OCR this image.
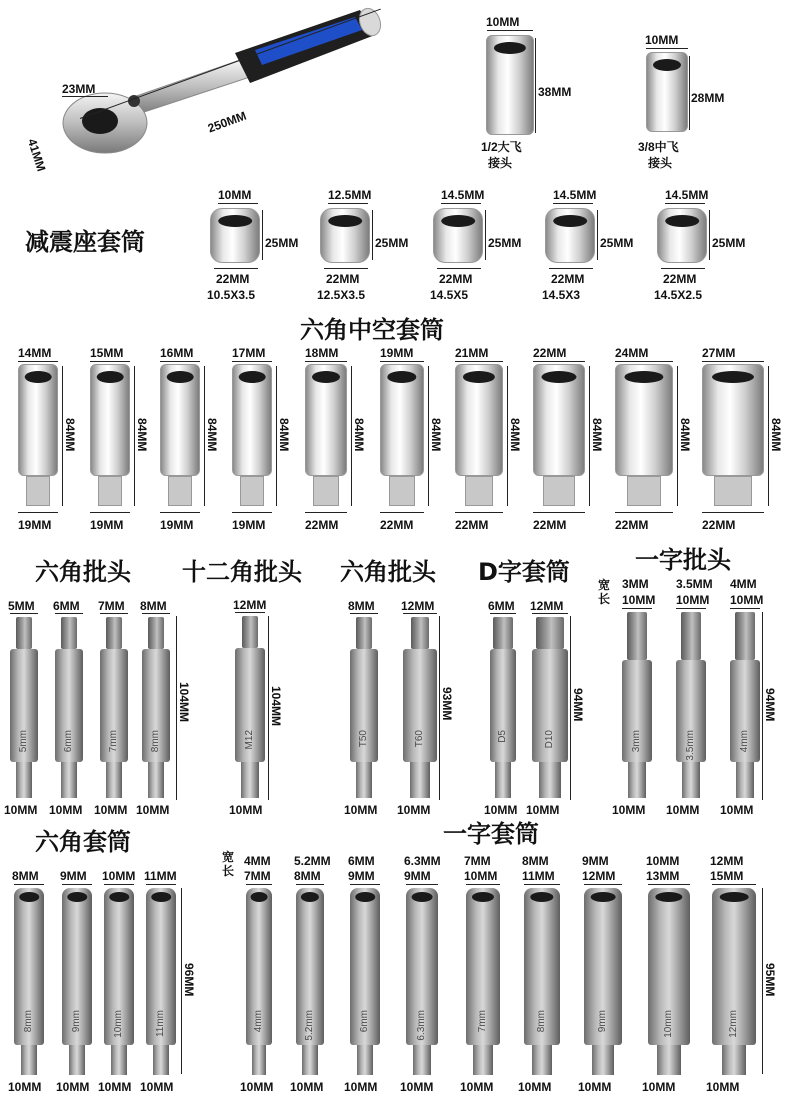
23MM
250MM
41MM
10MM
38MM
1/2大飞
接头
10MM
28MM
3/8中飞
接头
减震座套筒
10MM
25MM
22MM
10.5X3.5
12.5MM
25MM
22MM
12.5X3.5
14.5MM
25MM
22MM
14.5X5
14.5MM
25MM
22MM
14.5X3
14.5MM
25MM
22MM
14.5X2.5
六角中空套筒
14MM
84MM
19MM
15MM
84MM
19MM
16MM
84MM
19MM
17MM
84MM
19MM
18MM
84MM
22MM
19MM
84MM
22MM
21MM
84MM
22MM
22MM
84MM
22MM
24MM
84MM
22MM
27MM
84MM
22MM
六角批头 十二角批头 六角批头 D字套筒	一字批头
5MM
5mm
10MM
6MM
6mm
10MM
7MM
7mm
10MM
8MM
8mm
10MM
104MM
12MM
M12
10MM
104MM
8MM
T50
10MM
12MM
T60
10MM
93MM
6MM
D5
10MM
12MM
D10
10MM
94MM
宽
长
3MM
10MM
3mm
10MM
3.5MM
10MM
3.5mm
10MM
4MM
10MM
4mm
10MM
94MM
六角套筒	一字套筒
8MM
8mm
10MM
9MM
9mm
10MM
10MM
10mm
10MM
11MM
11mm
10MM
96MM
宽
长
4MM
7MM
4mm
10MM
5.2MM
8MM
5.2mm
10MM
6MM
9MM
6mm
10MM
6.3MM
9MM
6.3mm
10MM
7MM
10MM
7mm
10MM
8MM
11MM
8mm
10MM
9MM
12MM
9mm
10MM
10MM
13MM
10mm
10MM
12MM
15MM
12mm
10MM
95MM
